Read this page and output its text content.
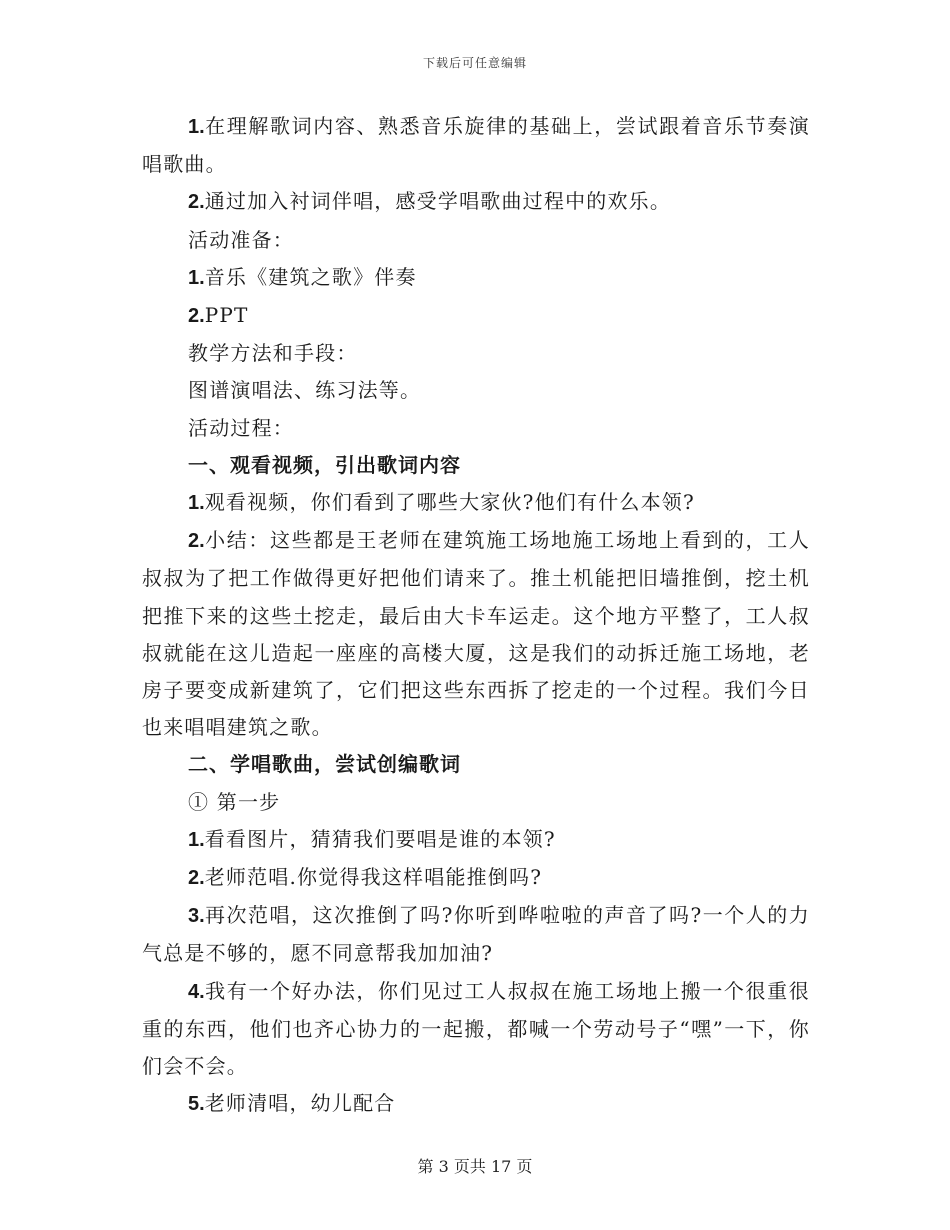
下载后可任意编辑

1.在理解歌词内容、熟悉音乐旋律的基础上，尝试跟着音乐节奏演唱歌曲。

2.通过加入衬词伴唱，感受学唱歌曲过程中的欢乐。

活动准备：

1.音乐《建筑之歌》伴奏

2.PPT

教学方法和手段：

图谱演唱法、练习法等。

活动过程：

一、观看视频，引出歌词内容

1.观看视频，你们看到了哪些大家伙?他们有什么本领?

2.小结：这些都是王老师在建筑施工场地施工场地上看到的，工人叔叔为了把工作做得更好把他们请来了。推土机能把旧墙推倒，挖土机把推下来的这些土挖走，最后由大卡车运走。这个地方平整了，工人叔叔就能在这儿造起一座座的高楼大厦，这是我们的动拆迁施工场地，老房子要变成新建筑了，它们把这些东西拆了挖走的一个过程。我们今日也来唱唱建筑之歌。

二、学唱歌曲，尝试创编歌词

① 第一步

1.看看图片，猜猜我们要唱是谁的本领?

2.老师范唱.你觉得我这样唱能推倒吗?

3.再次范唱，这次推倒了吗?你听到哗啦啦的声音了吗?一个人的力气总是不够的，愿不同意帮我加加油?

4.我有一个好办法，你们见过工人叔叔在施工场地上搬一个很重很重的东西，他们也齐心协力的一起搬，都喊一个劳动号子“嘿”一下，你们会不会。

5.老师清唱，幼儿配合

第 3 页共 17 页
